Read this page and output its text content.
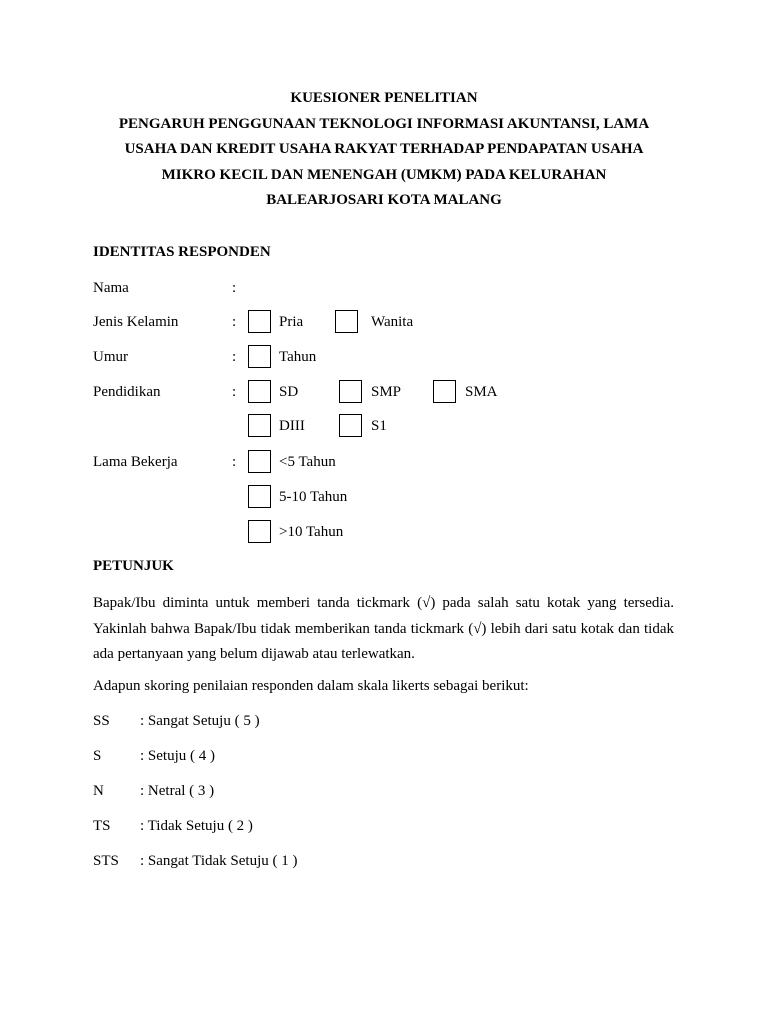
KUESIONER PENELITIAN
PENGARUH PENGGUNAAN TEKNOLOGI INFORMASI AKUNTANSI, LAMA
USAHA DAN KREDIT USAHA RAKYAT TERHADAP PENDAPATAN USAHA
MIKRO KECIL DAN MENENGAH (UMKM) PADA KELURAHAN
BALEARJOSARI KOTA MALANG
IDENTITAS RESPONDEN
Nama	:
Jenis Kelamin	:	Pria	Wanita
Umur	:	Tahun
Pendidikan	:	SD	SMP	SMA
DIII	S1
Lama Bekerja	:	<5 Tahun
5-10 Tahun
>10 Tahun
PETUNJUK
Bapak/Ibu diminta untuk memberi tanda tickmark (√) pada salah satu kotak yang tersedia. Yakinlah bahwa Bapak/Ibu tidak memberikan tanda tickmark (√) lebih dari satu kotak dan tidak ada pertanyaan yang belum dijawab atau terlewatkan.
Adapun skoring penilaian responden dalam skala likerts sebagai berikut:
SS : Sangat Setuju ( 5 )
S	: Setuju ( 4 )
N : Netral ( 3 )
TS : Tidak Setuju ( 2 )
STS : Sangat Tidak Setuju ( 1 )
